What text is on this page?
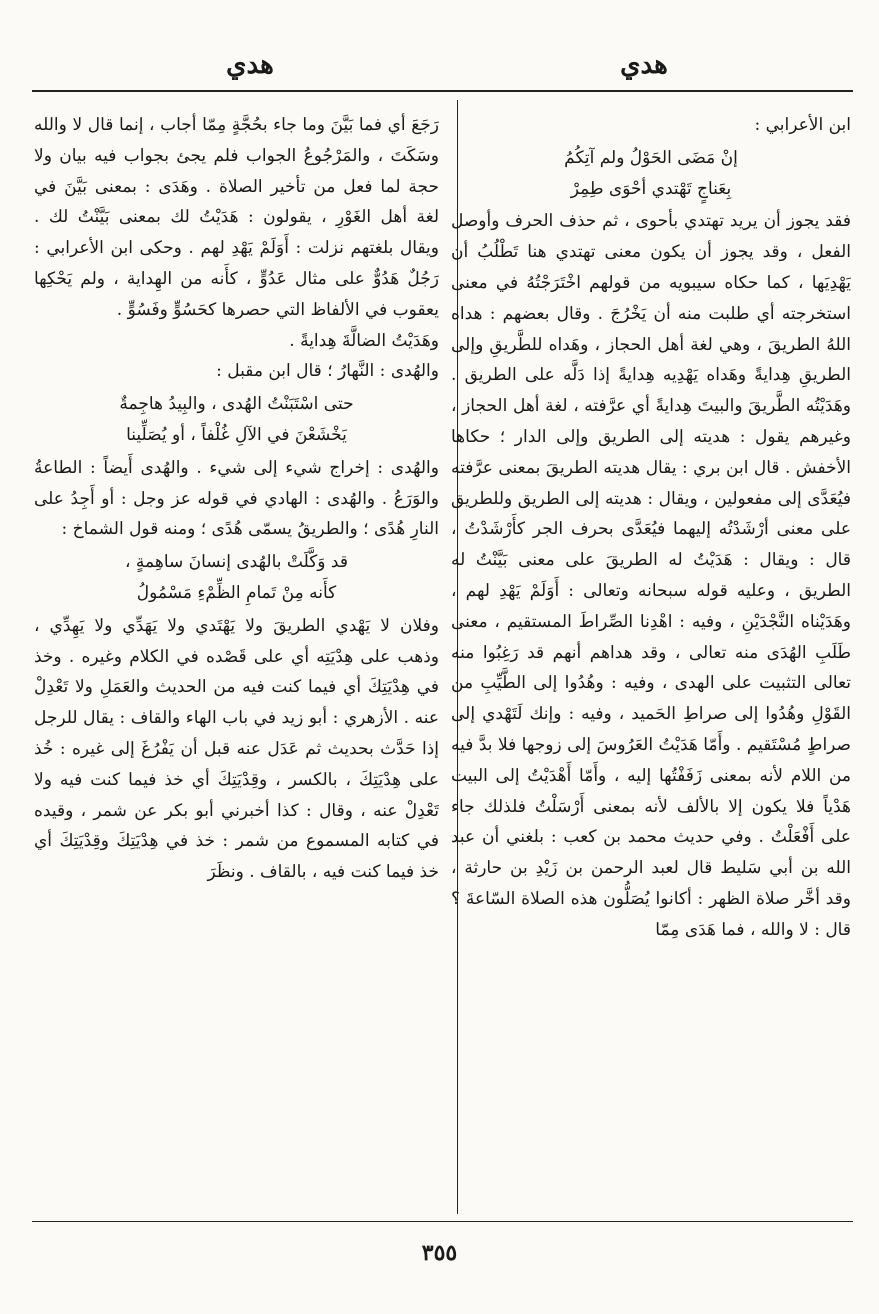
هدي
هدي

ابن الأعرابي :

إنْ مَضَى الحَوْلُ ولم آتِكُمُ
بِعَناجٍ تَهْتدي أحْوَى طِمِرْ

فقد يجوز أن يريد تهتدي بأحوى ، ثم حذف الحرف وأوصل الفعل ، وقد يجوز أن يكون معنى تهتدي هنا تَطْلُبُ أن يَهْدِيَها ، كما حكاه سيبويه من قولهم اخْتَرَجْتُهُ في معنى استخرجته أي طلبت منه أن يَخْرُجَ . وقال بعضهم : هداه اللهُ الطريقَ ، وهي لغة أهل الحجاز ، وهَداه للطَّريقِ وإلى الطريقِ هِدايةً وهَداه يَهْدِيه هِدايةً إذا دَلَّه على الطريق . وهَدَيْتُه الطَّريقَ والبيتَ هِدايةً أي عرَّفته ، لغة أهل الحجاز ، وغيرهم يقول : هديته إلى الطريق وإلى الدار ؛ حكاها الأخفش . قال ابن بري : يقال هديته الطريقَ بمعنى عرَّفته فيُعَدَّى إلى مفعولين ، ويقال : هديته إلى الطريق وللطريق على معنى أرْشَدْتُه إليهما فيُعَدَّى بحرف الجر كأَرْشَدْتُ ، قال : ويقال : هَدَيْتُ له الطريقَ على معنى بَيَّنْتُ له الطريق ، وعليه قوله سبحانه وتعالى : أَوَلَمْ يَهْدِ لهم ، وهَدَيْناه النَّجْدَيْنِ ، وفيه : اهْدِنا الصِّراطَ المستقيم ، معنى طَلَبِ الهُدَى منه تعالى ، وقد هداهم أنهم قد رَغِبُوا منه تعالى التثبيت على الهدى ، وفيه : وهُدُوا إلى الطَّيِّبِ من القَوْلِ وهُدُوا إلى صراطِ الحَميد ، وفيه : وإنك لَتَهْدي إلى صراطٍ مُسْتَقيم . وأَمّا هَدَيْتُ العَرُوسَ إلى زوجها فلا بدَّ فيه من اللام لأنه بمعنى زَفَفْتُها إليه ، وأَمّا أَهْدَيْتُ إلى البيت هَدْياً فلا يكون إلا بالألف لأنه بمعنى أَرْسَلْتُ فلذلك جاء على أَفْعَلْتُ . وفي حديث محمد بن كعب : بلغني أن عبد الله بن أبي سَليط قال لعبد الرحمن بن زَيْدِ بن حارثة ، وقد أخَّر صلاة الظهر : أكانوا يُصَلُّون هذه الصلاة السّاعةَ ؟ قال : لا والله ، فما هَدَى مِمّا

رَجَعَ أي فما بَيَّنَ وما جاء بحُجَّةٍ مِمّا أجاب ، إنما قال لا والله وسَكَتَ ، والمَرْجُوعُ الجواب فلم يجئ بجواب فيه بيان ولا حجة لما فعل من تأخير الصلاة . وهَدَى : بمعنى بَيَّنَ في لغة أهل الغَوْرِ ، يقولون : هَدَيْتُ لك بمعنى بَيَّنْتُ لك . ويقال بلغتهم نزلت : أَوَلَمْ يَهْدِ لهم . وحكى ابن الأعرابي : رَجُلٌ هَدُوٌّ على مثال عَدُوٍّ ، كأَنه من الهِداية ، ولم يَحْكِها يعقوب في الألفاظ التي حصرها كحَسُوٍّ وفَسُوٍّ .

وهَدَيْتُ الضالَّةَ هِدايةً .

والهُدى : النَّهارُ ؛ قال ابن مقبل :

حتى اسْتَبَنْتُ الهُدى ، والبِيدُ هاجِمةٌ
يَخْشَعْنَ في الآلِ غُلْفاً ، أو يُصَلِّينا

والهُدى : إخراج شيء إلى شيء . والهُدى أَيضاً : الطاعةُ والوَرَعُ . والهُدى : الهادي في قوله عز وجل : أو أَجِدُ على النارِ هُدًى ؛ والطريقُ يسمّى هُدًى ؛ ومنه قول الشماخ :

قد وَكَّلَتْ بالهُدى إنسانَ ساهِمةٍ ،
كأَنه مِنْ تَمامِ الظِّمْءِ مَسْمُولُ

وفلان لا يَهْدي الطريقَ ولا يَهْتَدي ولا يَهَدِّي ولا يَهِدِّي ، وذهب على هِدْيَتِه أي على قَصْده في الكلام وغيره . وخذ في هِدْيَتِكَ أي فيما كنت فيه من الحديث والعَمَلِ ولا تَعْدِلْ عنه . الأزهري : أبو زيد في باب الهاء والقاف : يقال للرجل إذا حَدَّث بحديث ثم عَدَل عنه قبل أن يَفْرُغَ إلى غيره : خُذ على هِدْيَتِكَ ، بالكسر ، وقِدْيَتِكَ أي خذ فيما كنت فيه ولا تَعْدِلْ عنه ، وقال : كذا أخبرني أبو بكر عن شمر ، وقيده في كتابه المسموع من شمر : خذ في هِدْيَتِكَ وقِدْيَتِكَ أي خذ فيما كنت فيه ، بالقاف . ونظَرَ

٣٥٥
